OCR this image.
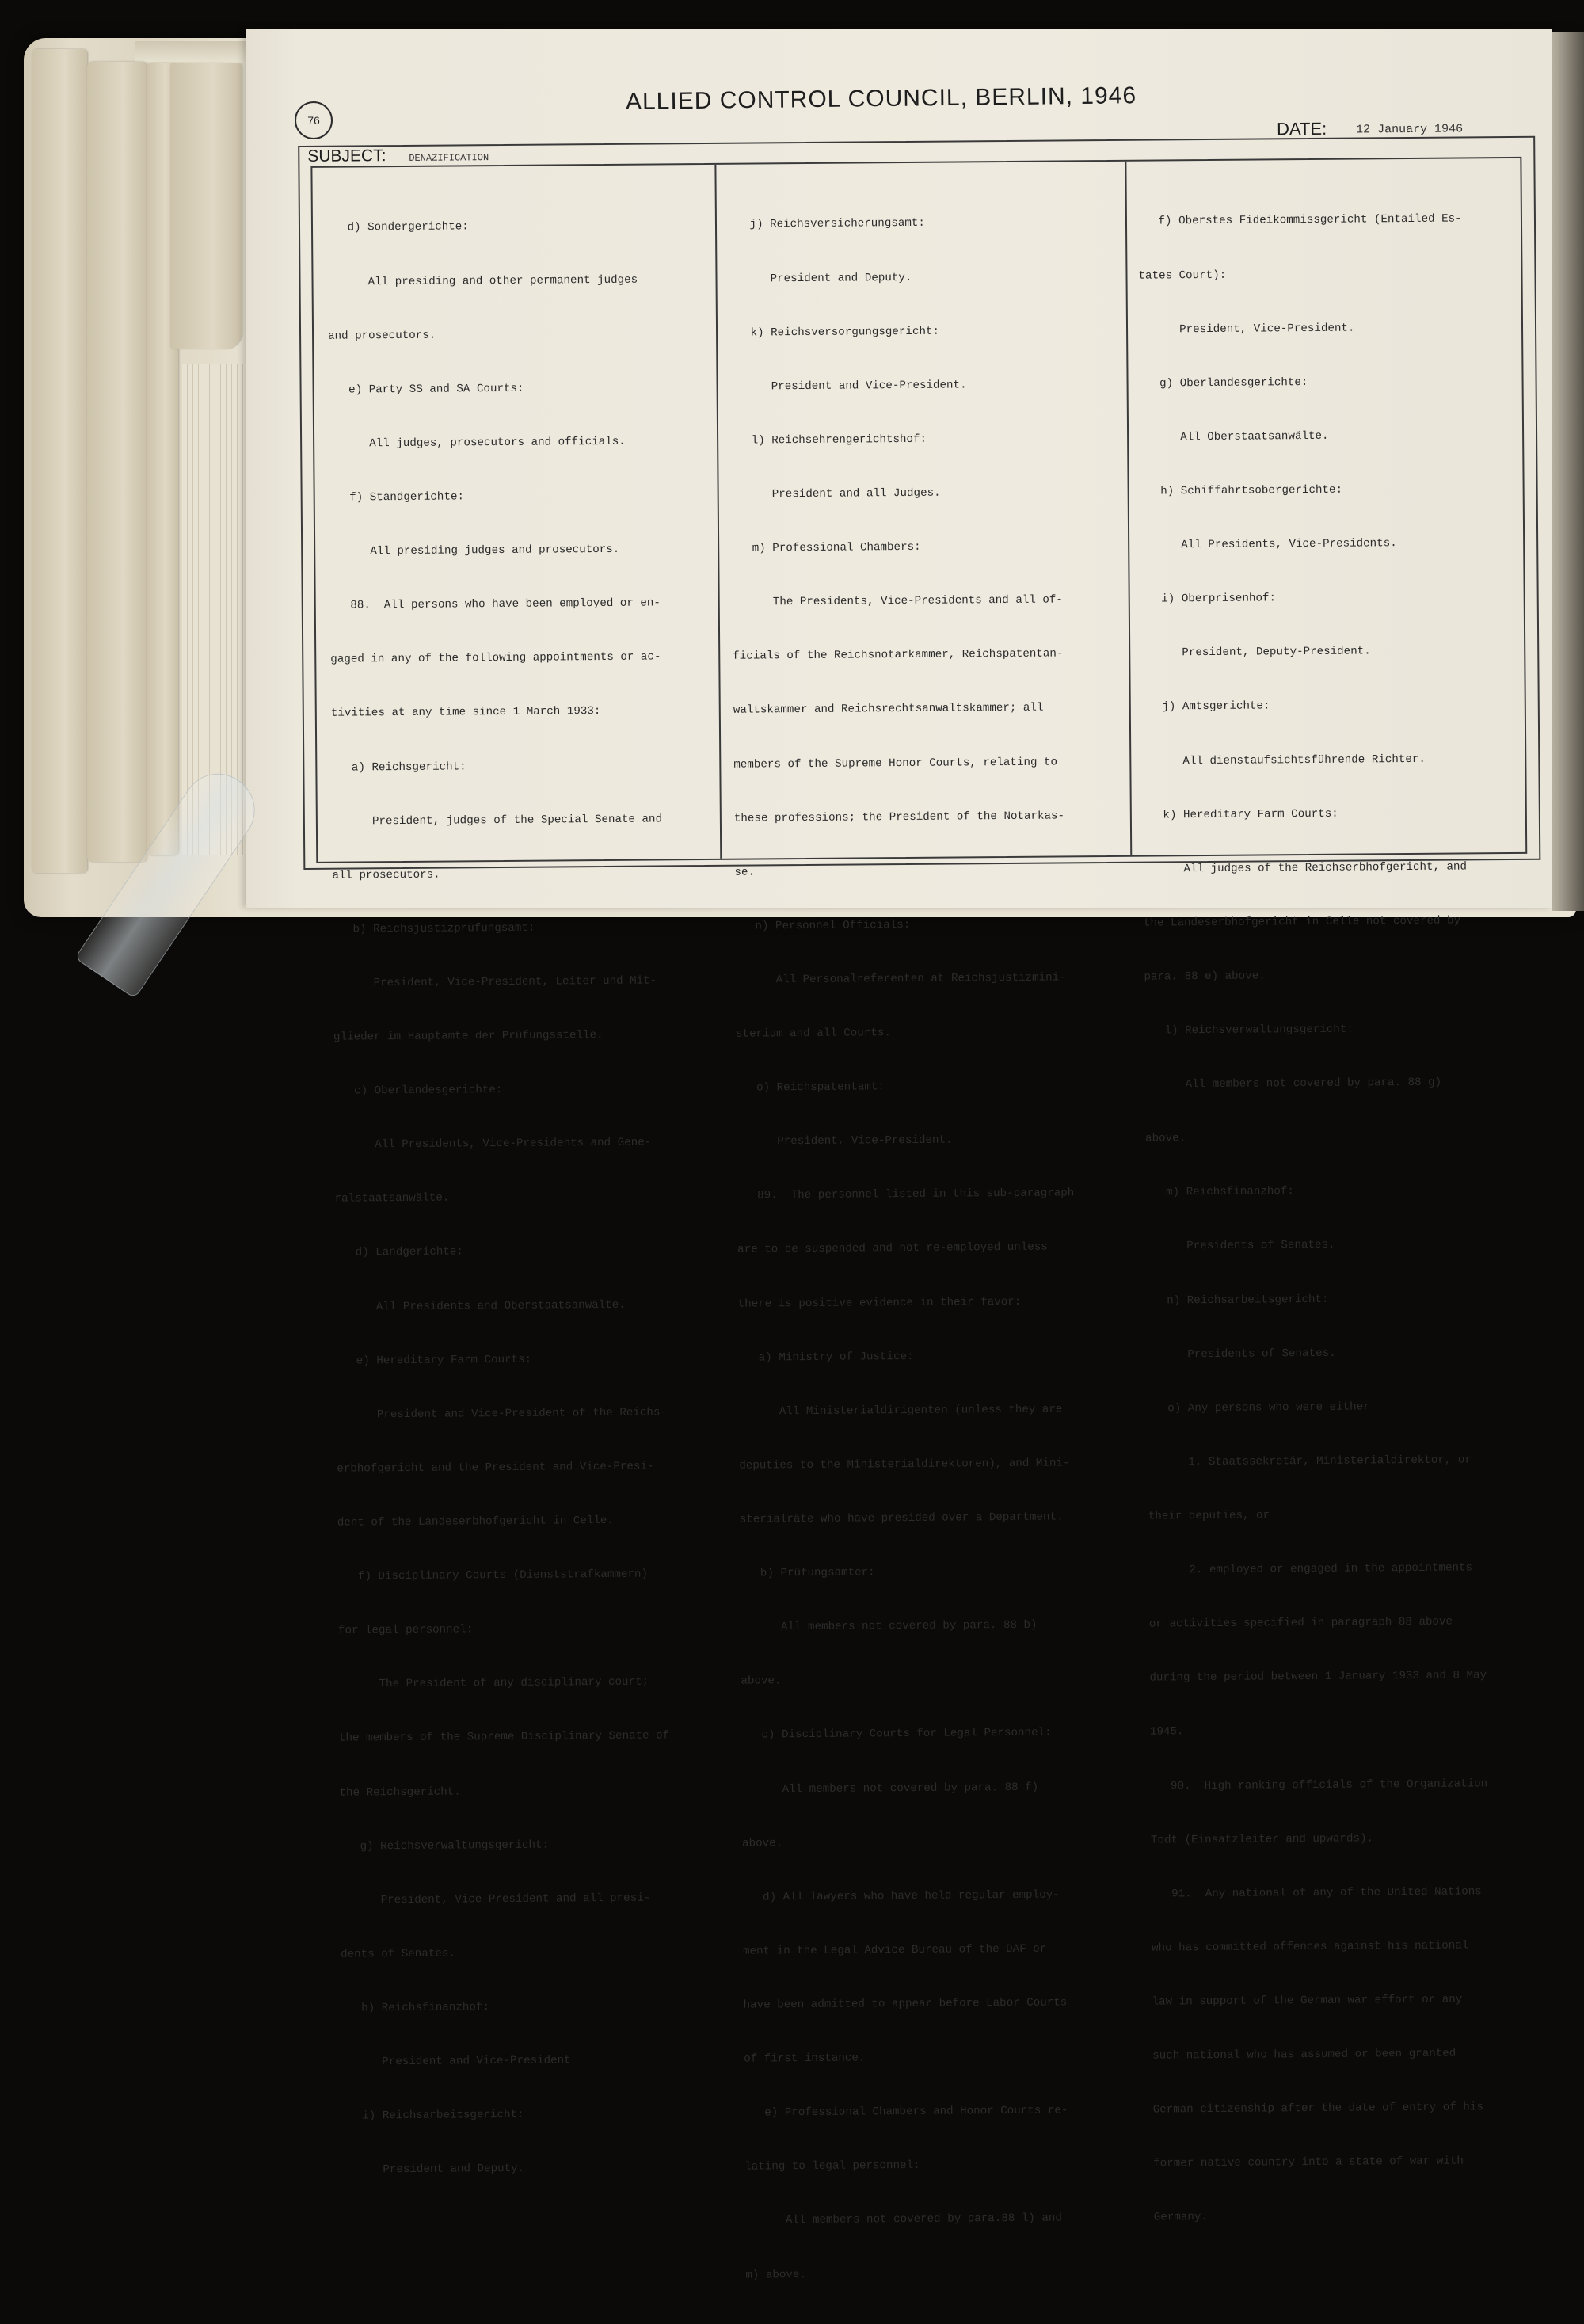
76
ALLIED CONTROL COUNCIL, BERLIN, 1946
DATE: 12 January 1946
SUBJECT: DENAZIFICATION

d) Sondergerichte:

All presiding and other permanent judges

and prosecutors.

e) Party SS and SA Courts:

All judges, prosecutors and officials.

f) Standgerichte:

All presiding judges and prosecutors.

88.  All persons who have been employed or en-

gaged in any of the following appointments or ac-

tivities at any time since 1 March 1933:

a) Reichsgericht:

President, judges of the Special Senate and

all prosecutors.

b) Reichsjustizprüfungsamt:

President, Vice-President, Leiter und Mit-

glieder im Hauptamte der Prüfungsstelle.

c) Oberlandesgerichte:

All Presidents, Vice-Presidents and Gene-

ralstaatsanwälte.

d) Landgerichte:

All Presidents and Oberstaatsanwälte.

e) Hereditary Farm Courts:

President and Vice-President of the Reichs-

erbhofgericht and the President and Vice-Presi-

dent of the Landeserbhofgericht in Celle.

f) Disciplinary Courts (Dienststrafkammern)

for legal personnel:

The President of any disciplinary court;

the members of the Supreme Disciplinary Senate of

the Reichsgericht.

g) Reichsverwaltungsgericht:

President, Vice-President and all presi-

dents of Senates.

h) Reichsfinanzhof:

President and Vice-President

i) Reichsarbeitsgericht:

President and Deputy.

j) Reichsversicherungsamt:

President and Deputy.

k) Reichsversorgungsgericht:

President and Vice-President.

l) Reichsehrengerichtshof:

President and all Judges.

m) Professional Chambers:

The Presidents, Vice-Presidents and all of-

ficials of the Reichsnotarkammer, Reichspatentan-

waltskammer and Reichsrechtsanwaltskammer; all

members of the Supreme Honor Courts, relating to

these professions; the President of the Notarkas-

se.

n) Personnel Officials:

All Personalreferenten at Reichsjustizmini-

sterium and all Courts.

o) Reichspatentamt:

President, Vice-President.

89.  The personnel listed in this sub-paragraph

are to be suspended and not re-employed unless

there is positive evidence in their favor:

a) Ministry of Justice:

All Ministerialdirigenten (unless they are

deputies to the Ministerialdirektoren), and Mini-

sterialräte who have presided over a Department.

b) Prüfungsämter:

All members not covered by para. 88 b)

above.

c) Disciplinary Courts for Legal Personnel:

All members not covered by para. 88 f)

above.

d) All lawyers who have held regular employ-

ment in the Legal Advice Bureau of the DAF or

have been admitted to appear before Labor Courts

of first instance.

e) Professional Chambers and Honor Courts re-

lating to legal personnel:

All members not covered by para.88 l) and

m) above.

f) Oberstes Fideikommissgericht (Entailed Es-

tates Court):

President, Vice-President.

g) Oberlandesgerichte:

All Oberstaatsanwälte.

h) Schiffahrtsobergerichte:

All Presidents, Vice-Presidents.

i) Oberprisenhof:

President, Deputy-President.

j) Amtsgerichte:

All dienstaufsichtsführende Richter.

k) Hereditary Farm Courts:

All judges of the Reichserbhofgericht, and

the Landeserbhofgericht in Celle not covered by

para. 88 e) above.

l) Reichsverwaltungsgericht:

All members not covered by para. 88 g)

above.

m) Reichsfinanzhof:

Presidents of Senates.

n) Reichsarbeitsgericht:

Presidents of Senates.

o) Any persons who were either

1. Staatssekretär, Ministerialdirektor, or

their deputies, or

2. employed or engaged in the appointments

or activities specified in paragraph 88 above

during the period between 1 January 1933 and 8 May

1945.

90.  High ranking officials of the Organization

Todt (Einsatzleiter and upwards).

91.  Any national of any of the United Nations

who has committed offences against his national

law in support of the German war effort or any

such national who has assumed or been granted

German citizenship after the date of entry of his

former native country into a state of war with

Germany.
